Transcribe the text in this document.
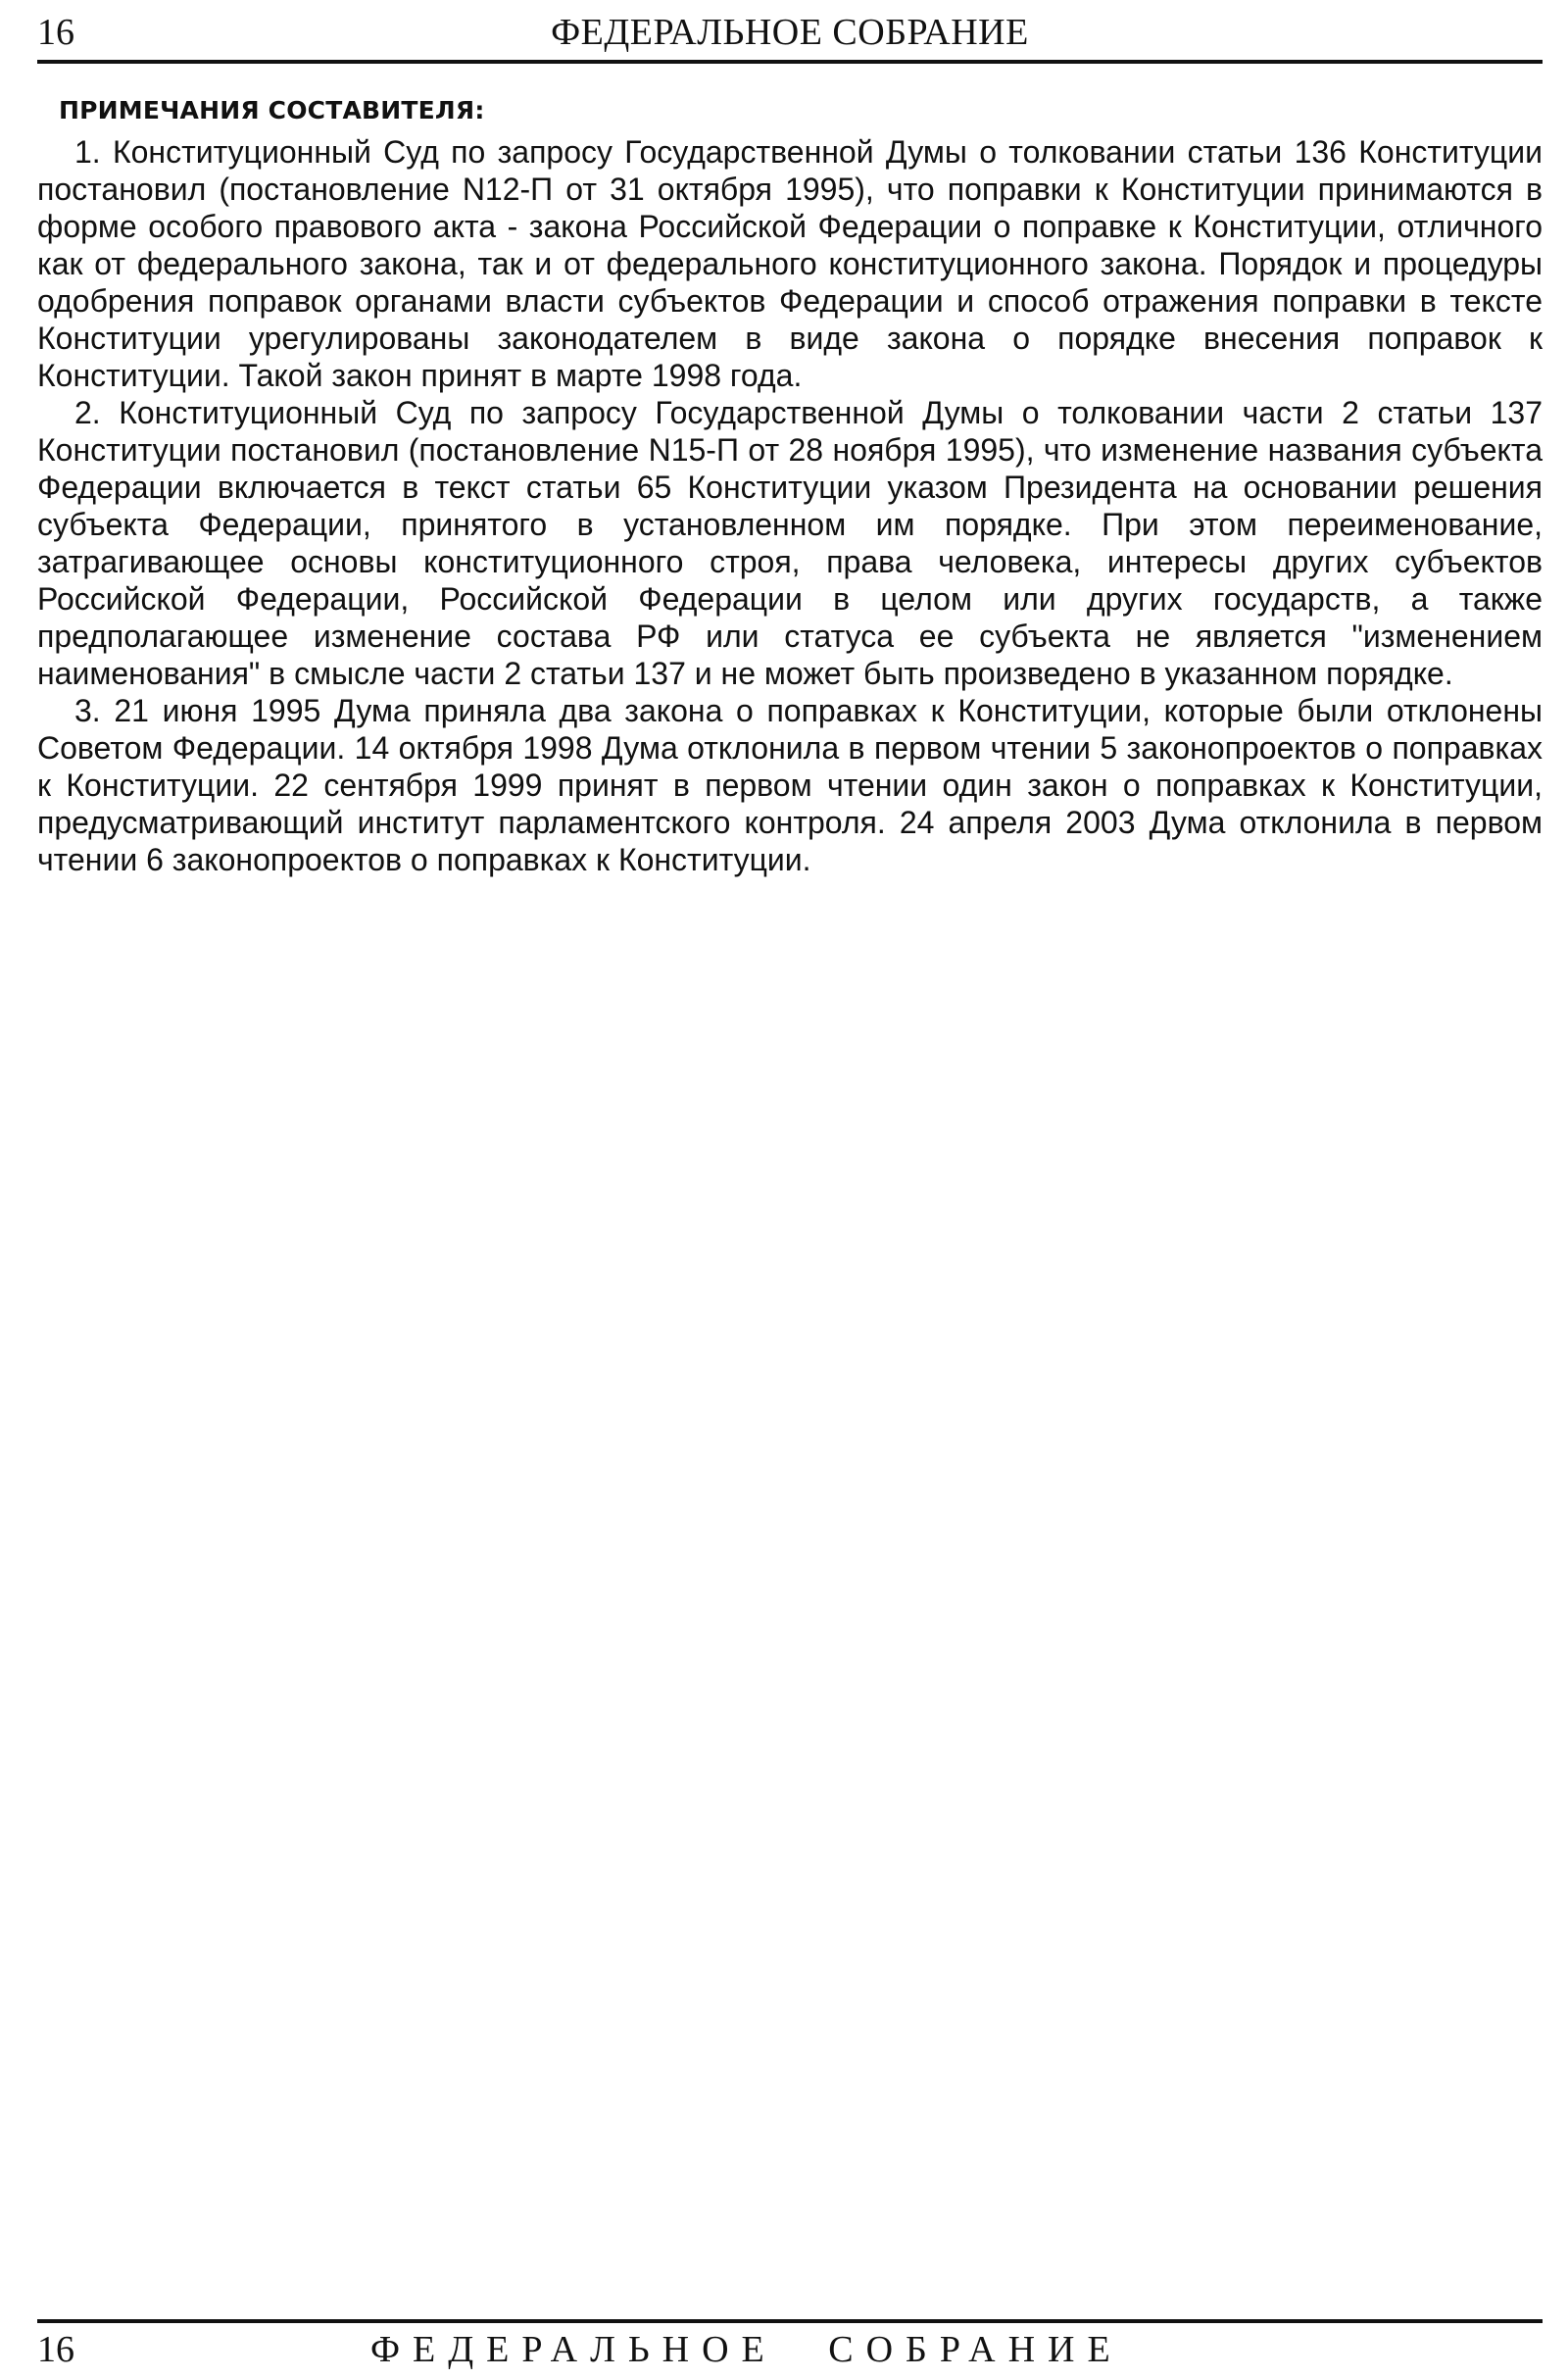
16	ФЕДЕРАЛЬНОЕ СОБРАНИЕ
ПРИМЕЧАНИЯ СОСТАВИТЕЛЯ:

1. Конституционный Суд по запросу Государственной Думы о толковании статьи 136 Конституции постановил (постановление N12-П от 31 октября 1995), что поправки к Конституции принимаются в форме особого правового акта - закона Российской Федерации о поправке к Конституции, отличного как от федерального закона, так и от федерального конституционного закона. Порядок и процедуры одобрения поправок органами власти субъектов Федерации и способ отражения поправки в тексте Конституции урегулированы законодателем в виде закона о порядке внесения поправок к Конституции. Такой закон принят в марте 1998 года.

2. Конституционный Суд по запросу Государственной Думы о толковании части 2 статьи 137 Конституции постановил (постановление N15-П от 28 ноября 1995), что изменение названия субъекта Федерации включается в текст статьи 65 Конституции указом Президента на основании решения субъекта Федерации, принятого в установленном им порядке. При этом переименование, затрагивающее основы конституционного строя, права человека, интересы других субъектов Российской Федерации, Российской Федерации в целом или других государств, а также предполагающее изменение состава РФ или статуса ее субъекта не является "изменением наименования" в смысле части 2 статьи 137 и не может быть произведено в указанном порядке.

3. 21 июня 1995 Дума приняла два закона о поправках к Конституции, которые были отклонены Советом Федерации. 14 октября 1998 Дума отклонила в первом чтении 5 законопроектов о поправках к Конституции. 22 сентября 1999 принят в первом чтении один закон о поправках к Конституции, предусматривающий институт парламентского контроля. 24 апреля 2003 Дума отклонила в первом чтении 6 законопроектов о поправках к Конституции.

16	ФЕДЕРАЛЬНОЕ СОБРАНИЕ
